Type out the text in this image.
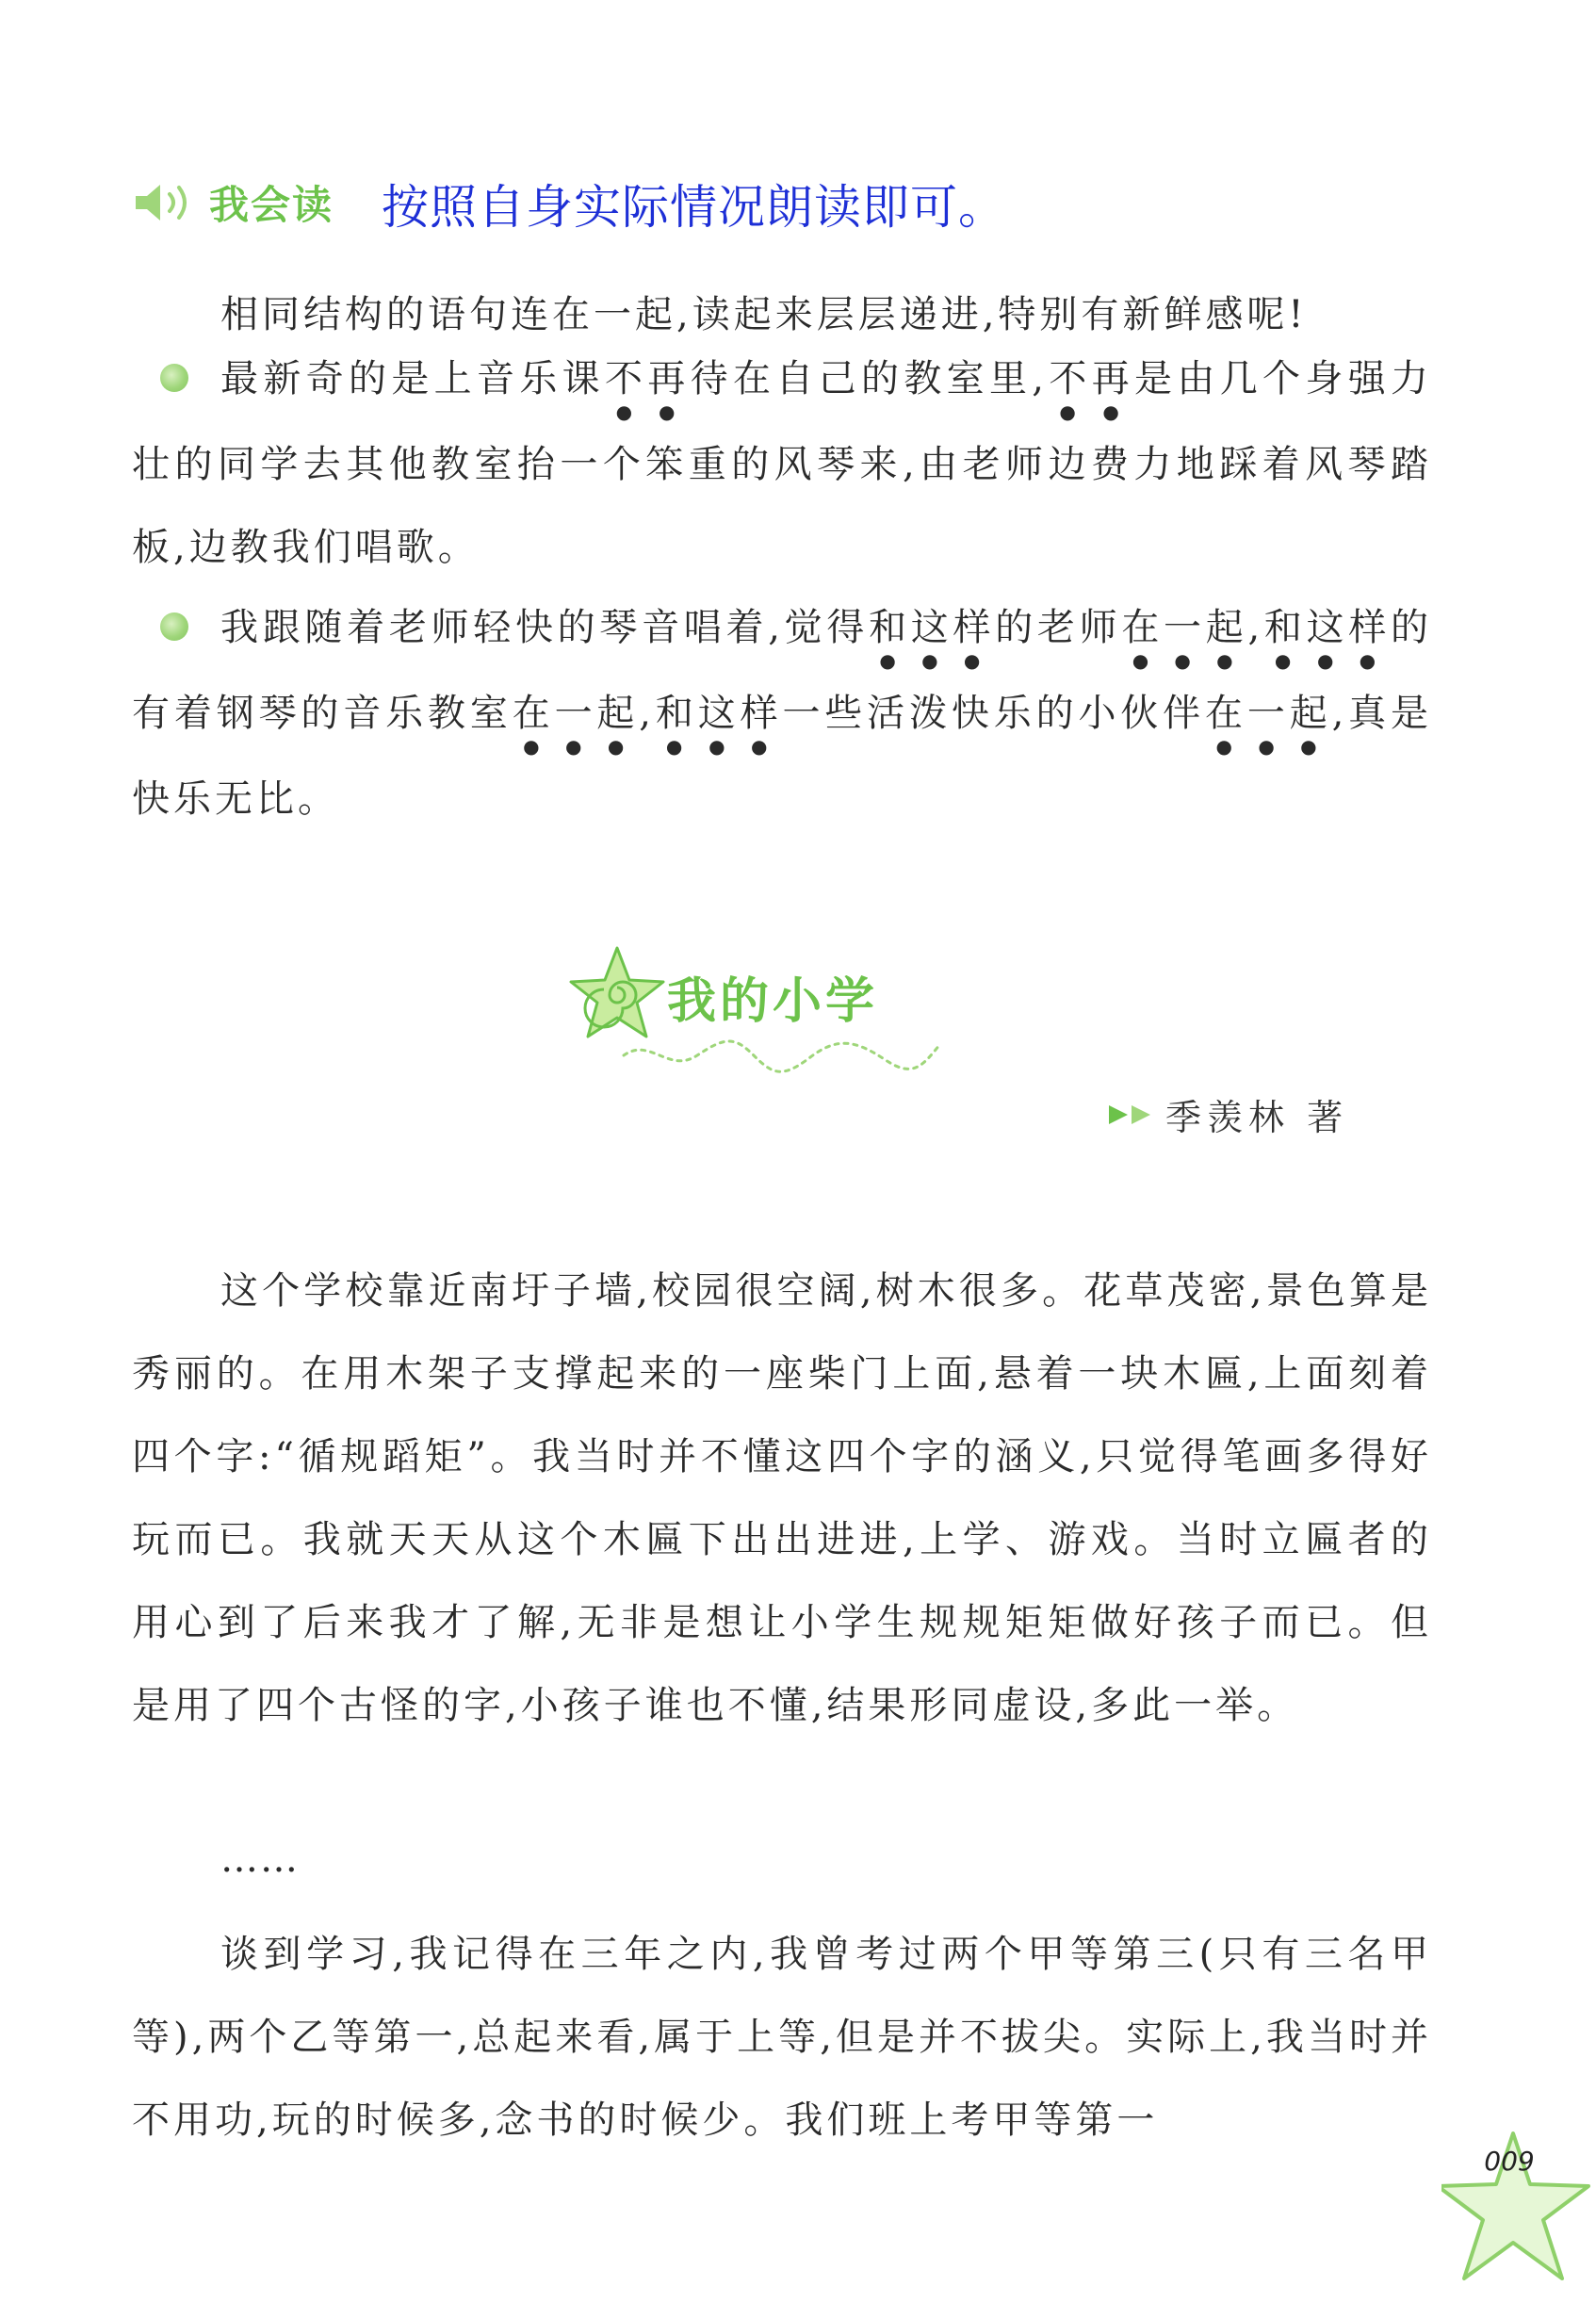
我会读 按照自身实际情况朗读即可。

相同结构的语句连在一起,读起来层层递进,特别有新鲜感呢!

最新奇的是上音乐课不再待在自己的教室里,不再是由几个身强力壮的同学去其他教室抬一个笨重的风琴来,由老师边费力地踩着风琴踏板,边教我们唱歌。

我跟随着老师轻快的琴音唱着,觉得和这样的老师在一起,和这样的有着钢琴的音乐教室在一起,和这样一些活泼快乐的小伙伴在一起,真是快乐无比。

我的小学
季羡林 著

这个学校靠近南圩子墙,校园很空阔,树木很多。花草茂密,景色算是秀丽的。在用木架子支撑起来的一座柴门上面,悬着一块木匾,上面刻着四个字:“循规蹈矩”。我当时并不懂这四个字的涵义,只觉得笔画多得好玩而已。我就天天从这个木匾下出出进进,上学、游戏。当时立匾者的用心到了后来我才了解,无非是想让小学生规规矩矩做好孩子而已。但是用了四个古怪的字,小孩子谁也不懂,结果形同虚设,多此一举。

……

谈到学习,我记得在三年之内,我曾考过两个甲等第三(只有三名甲等),两个乙等第一,总起来看,属于上等,但是并不拔尖。实际上,我当时并不用功,玩的时候多,念书的时候少。我们班上考甲等第一

009
